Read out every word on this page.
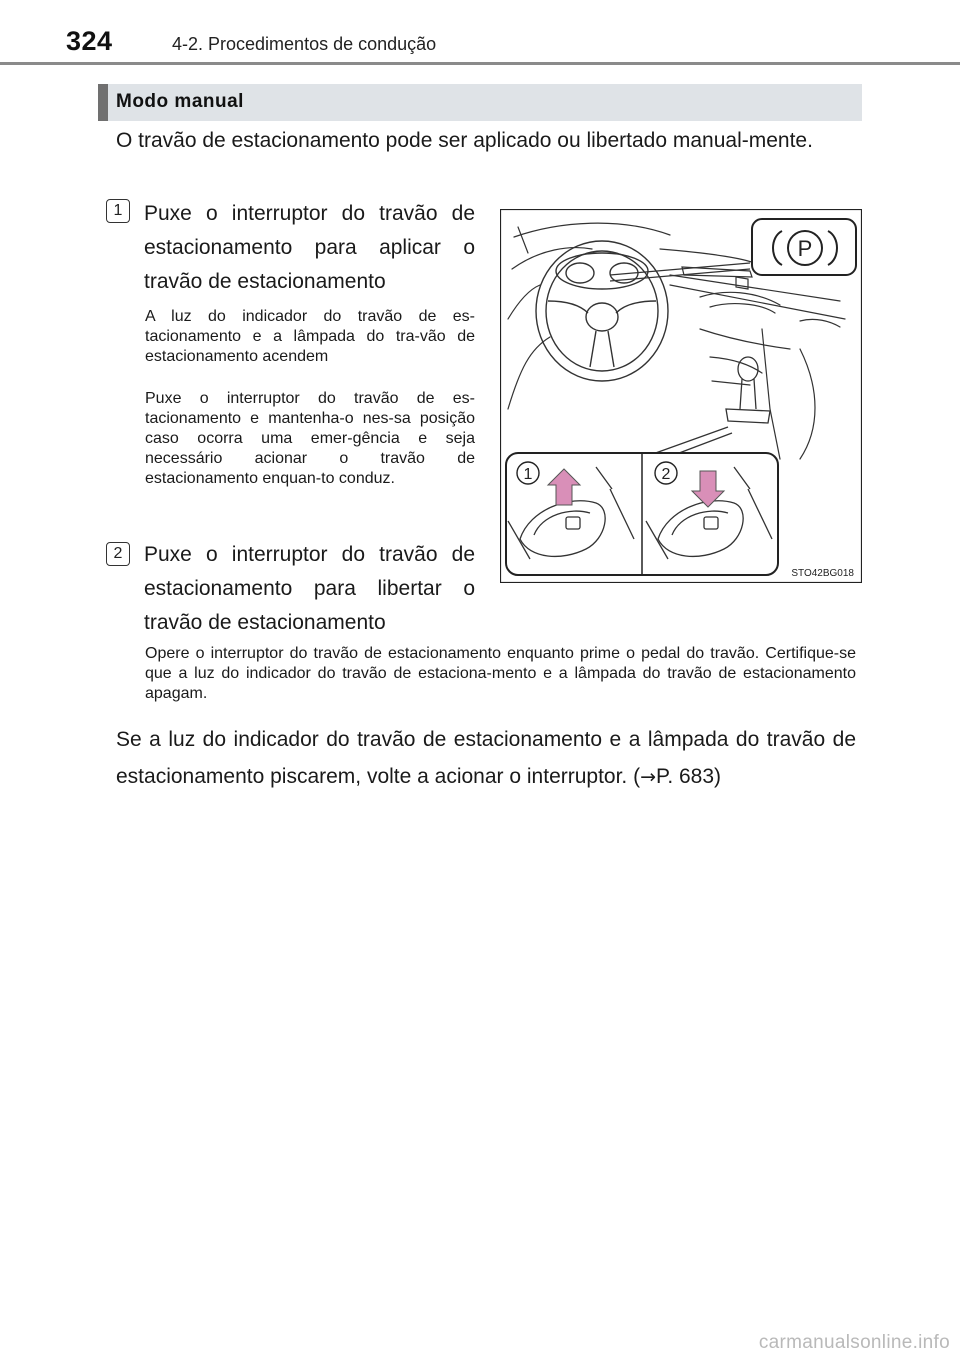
324	4-2. Procedimentos de condução
Modo manual
O travão de estacionamento pode ser aplicado ou libertado manual-mente.
1	Puxe o interruptor do travão de estacionamento para aplicar o travão de estacionamento
A luz do indicador do travão de es-tacionamento e a lâmpada do tra-vão de estacionamento acendem
Puxe o interruptor do travão de es-tacionamento e mantenha-o nes-sa posição caso ocorra uma emer-gência e seja necessário acionar o travão de estacionamento enquan-to conduz.
2	Puxe o interruptor do travão de estacionamento para libertar o travão de estacionamento
Opere o interruptor do travão de estacionamento enquanto prime o pedal do travão. Certifique-se que a luz do indicador do travão de estaciona-mento e a lâmpada do travão de estacionamento apagam.
Se a luz do indicador do travão de estacionamento e a lâmpada do travão de estacionamento piscarem, volte a acionar o interruptor. (→P. 683)
P
1	2
STO42BG018
carmanualsonline.info
